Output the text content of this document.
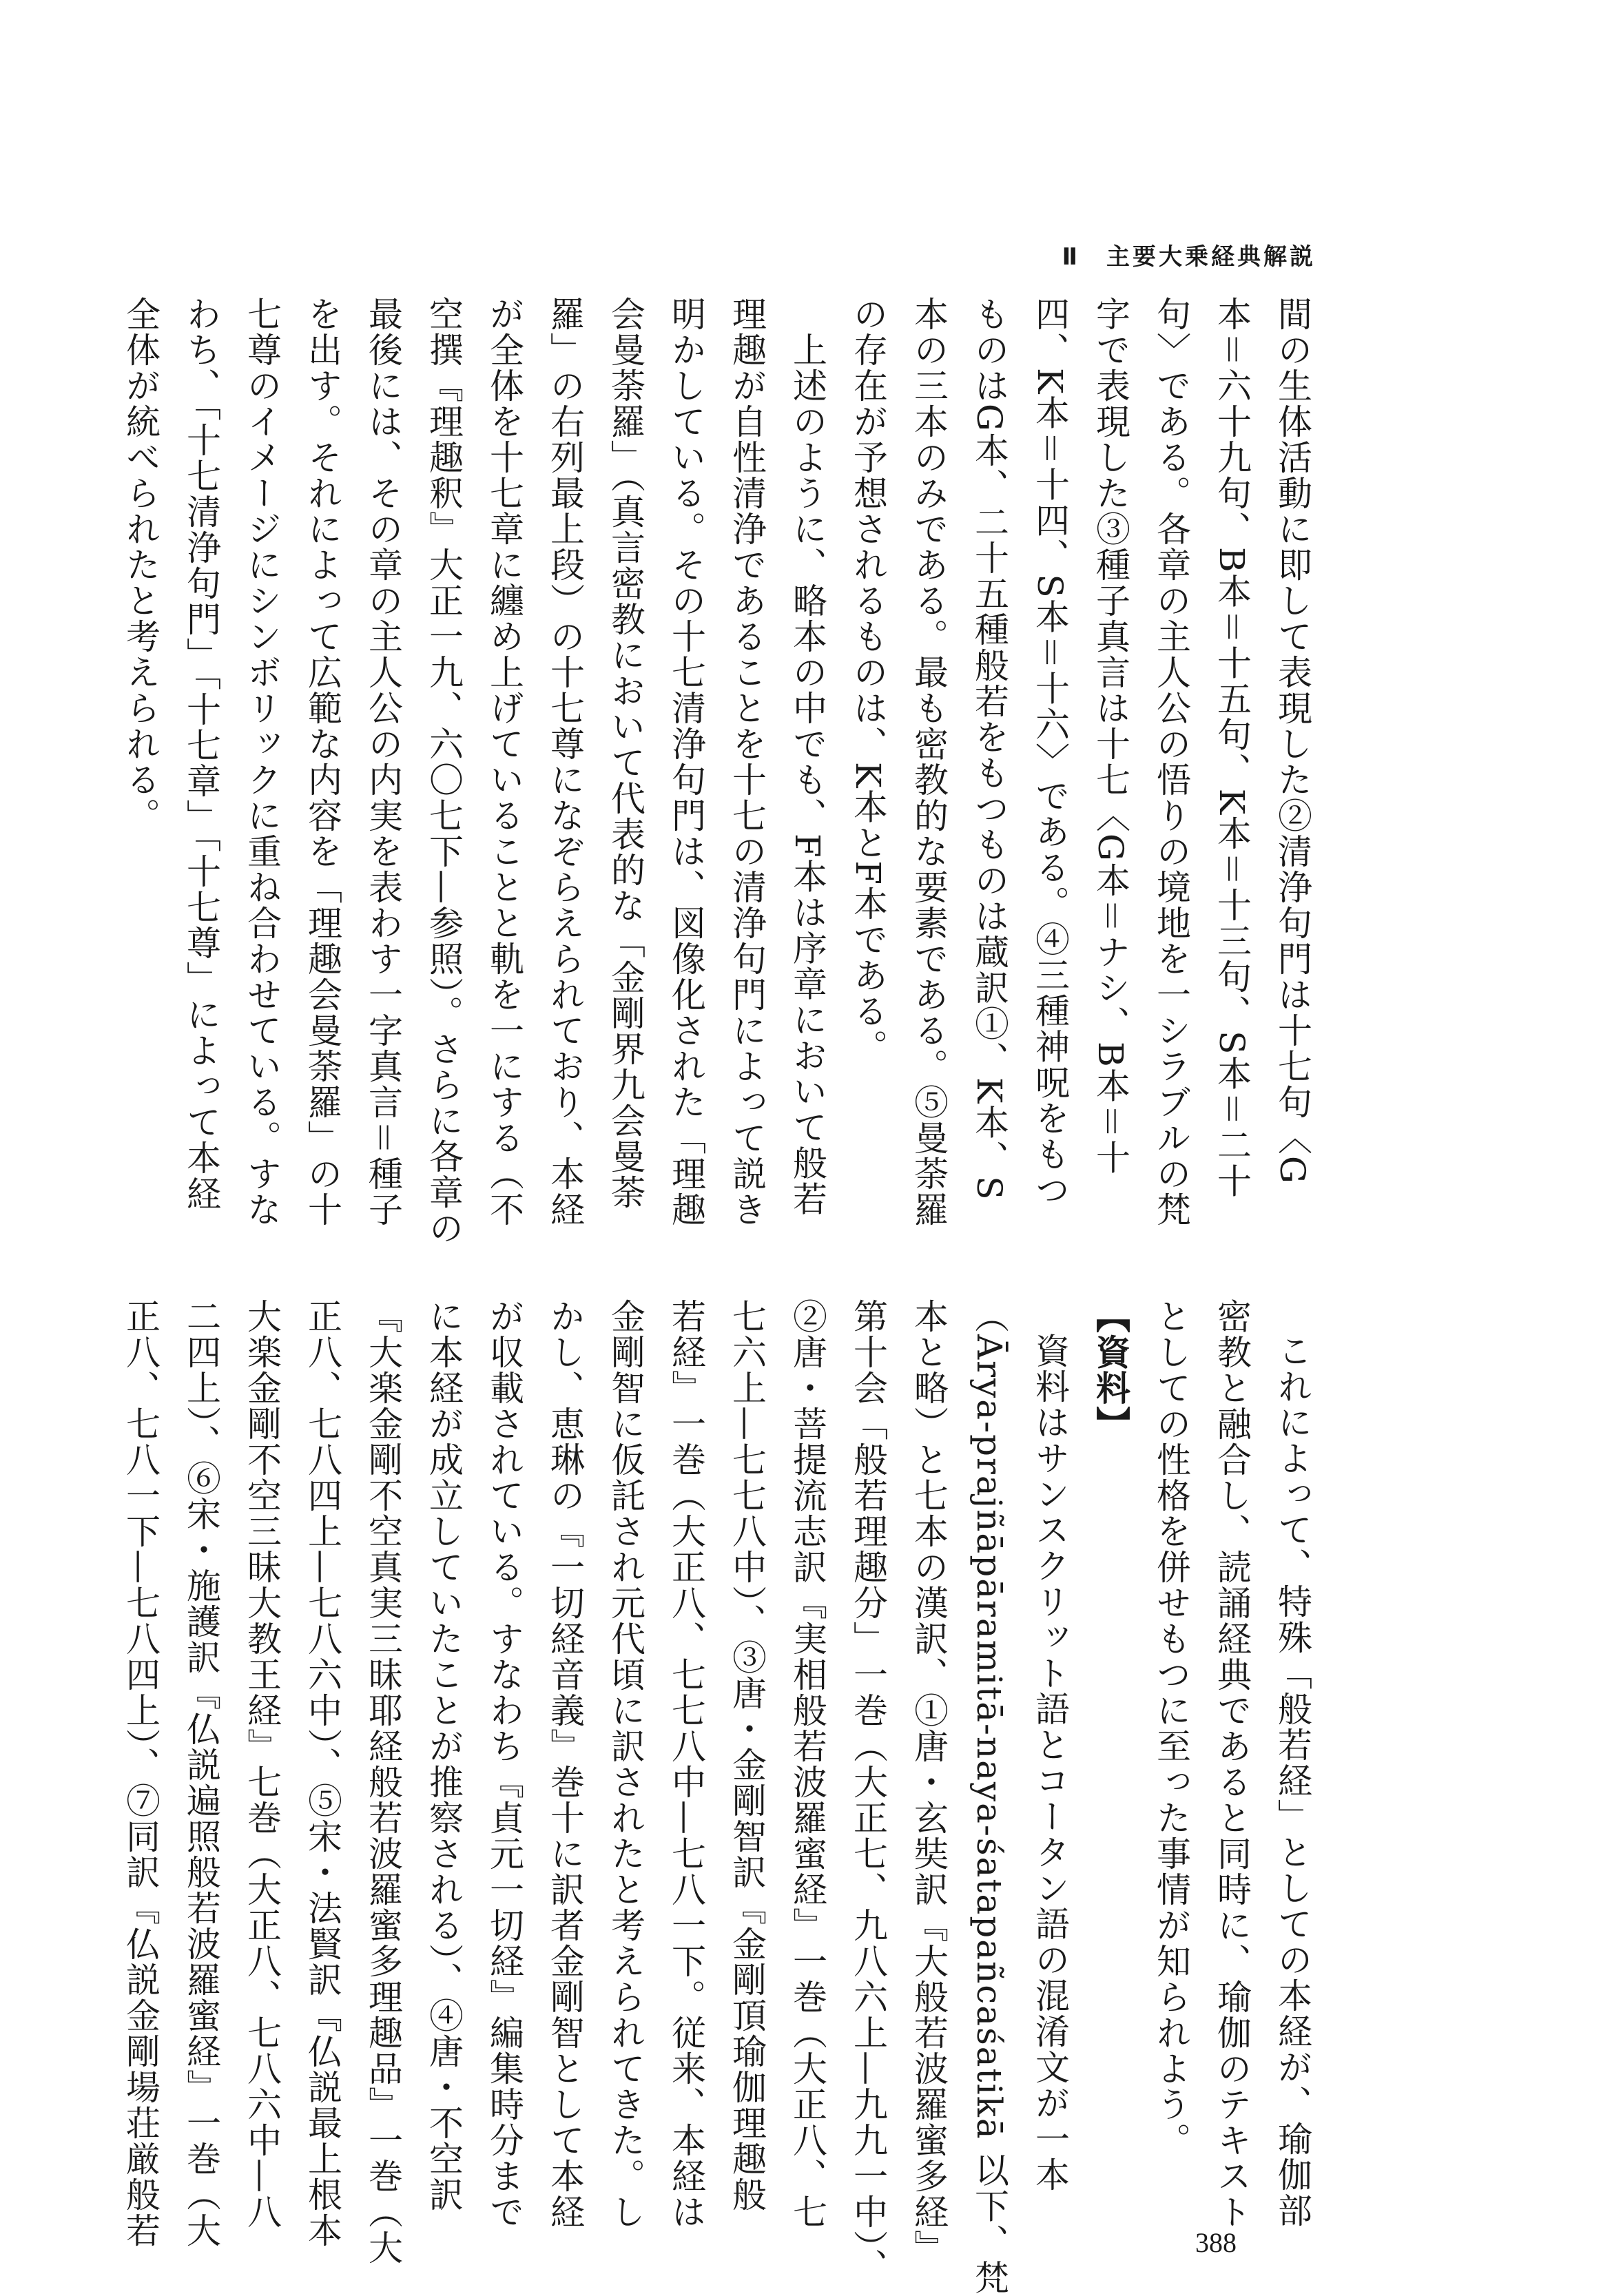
Ⅱ　主要大乗経典解説
間の生体活動に即して表現した②清浄句門は十七句〈G
本＝六十九句、B本＝十五句、K本＝十三句、S本＝二十
句〉である。各章の主人公の悟りの境地を一シラブルの梵
字で表現した③種子真言は十七〈G本＝ナシ、B本＝十
四、K本＝十四、S本＝十六〉である。④三種神呪をもつ
ものはG本、二十五種般若をもつものは蔵訳①、K本、S
本の三本のみである。最も密教的な要素である。⑤曼荼羅
の存在が予想されるものは、K本とF本である。
　上述のように、略本の中でも、F本は序章において般若
理趣が自性清浄であることを十七の清浄句門によって説き
明かしている。その十七清浄句門は、図像化された「理趣
会曼荼羅」（真言密教において代表的な「金剛界九会曼荼
羅」の右列最上段）の十七尊になぞらえられており、本経
が全体を十七章に纏め上げていることと軌を一にする（不
空撰『理趣釈』大正一九、六〇七下—参照）。さらに各章の
最後には、その章の主人公の内実を表わす一字真言＝種子
を出す。それによって広範な内容を「理趣会曼荼羅」の十
七尊のイメージにシンボリックに重ね合わせている。すな
わち、「十七清浄句門」「十七章」「十七尊」によって本経
全体が統べられたと考えられる。
これによって、特殊「般若経」としての本経が、瑜伽部
密教と融合し、読誦経典であると同時に、瑜伽のテキスト
としての性格を併せもつに至った事情が知られよう。
【資料】
資料はサンスクリット語とコータン語の混淆文が一本
（Ārya-prajñāpāramitā-naya-śatapañcaśatikā 以下、梵
本と略）と七本の漢訳、①唐・玄奘訳『大般若波羅蜜多経』
第十会「般若理趣分」一巻（大正七、九八六上—九九一中）、
②唐・菩提流志訳『実相般若波羅蜜経』一巻（大正八、七
七六上—七七八中）、③唐・金剛智訳『金剛頂瑜伽理趣般
若経』一巻（大正八、七七八中—七八一下。従来、本経は
金剛智に仮託され元代頃に訳されたと考えられてきた。し
かし、恵琳の『一切経音義』巻十に訳者金剛智として本経
が収載されている。すなわち『貞元一切経』編集時分まで
に本経が成立していたことが推察される）、④唐・不空訳
『大楽金剛不空真実三昧耶経般若波羅蜜多理趣品』一巻（大
正八、七八四上—七八六中）、⑤宋・法賢訳『仏説最上根本
大楽金剛不空三昧大教王経』七巻（大正八、七八六中—八
二四上）、⑥宋・施護訳『仏説遍照般若波羅蜜経』一巻（大
正八、七八一下—七八四上）、⑦同訳『仏説金剛場荘厳般若	388
